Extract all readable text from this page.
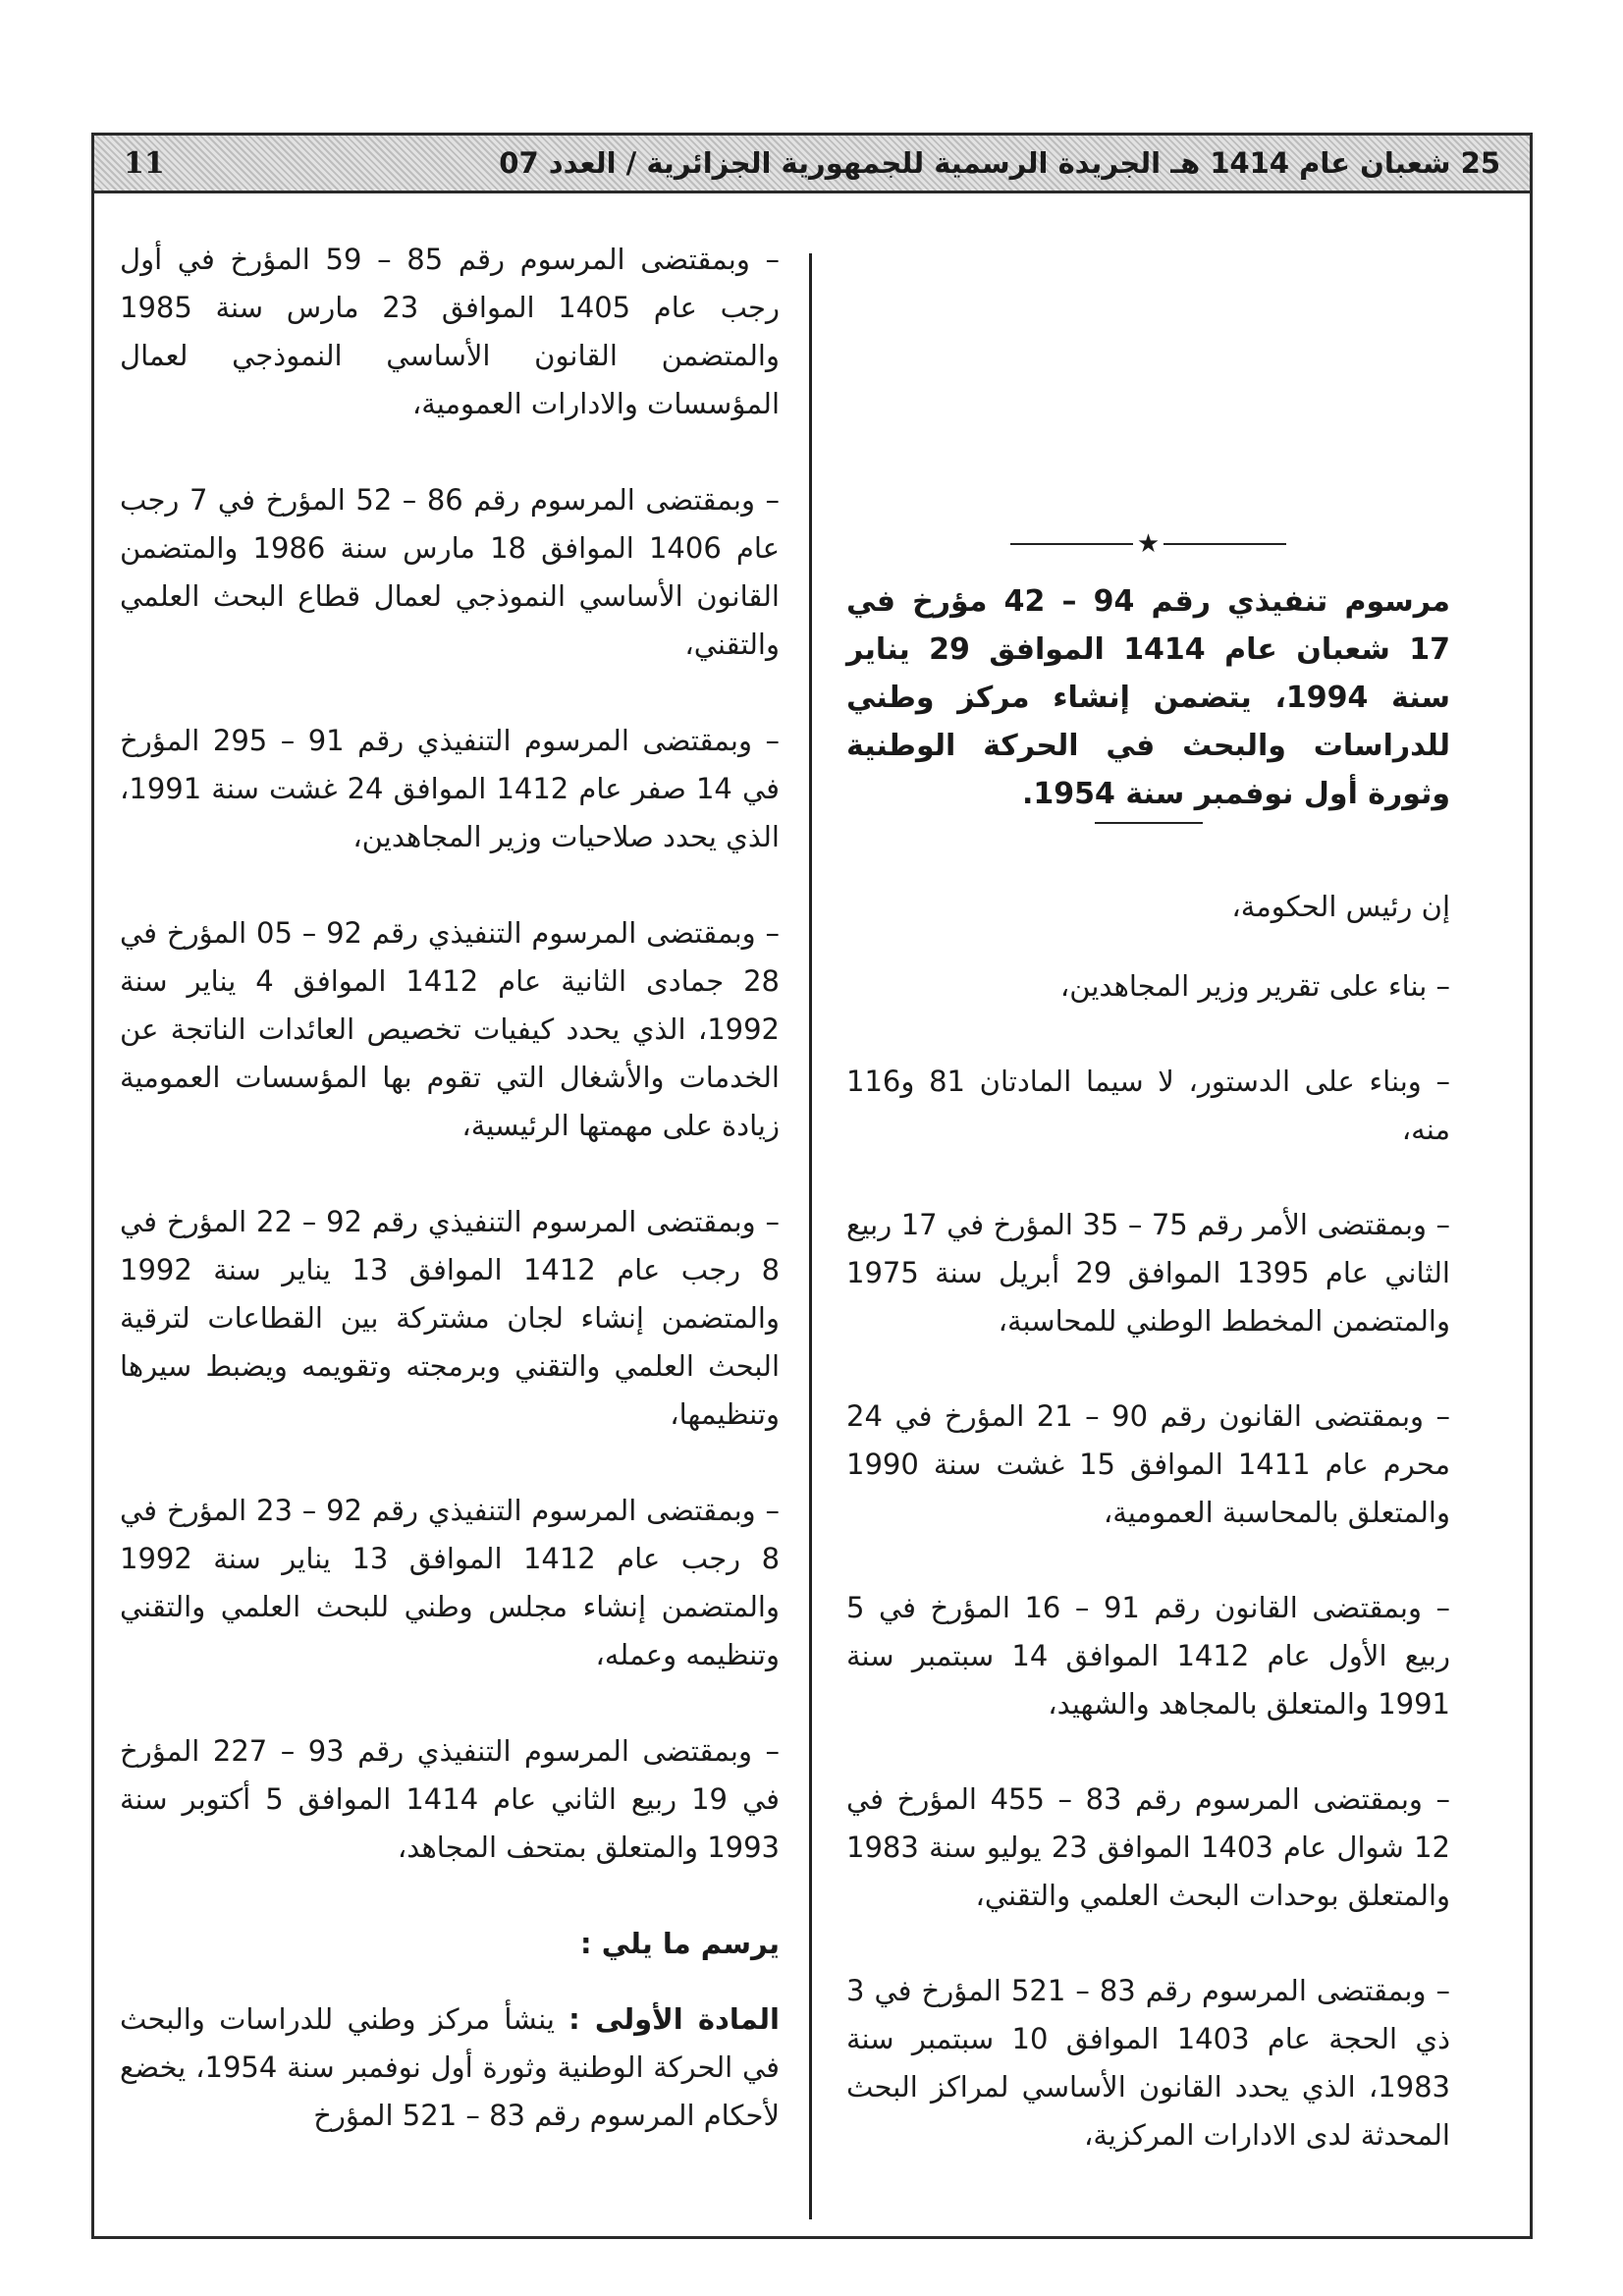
11	25 شعبان عام 1414 هـ الجريدة الرسمية للجمهورية الجزائرية / العدد 07
★

مرسوم تنفيذي رقم 94 – 42 مؤرخ في 17 شعبان عام 1414 الموافق 29 يناير سنة 1994، يتضمن إنشاء مركز وطني للدراسات والبحث في الحركة الوطنية وثورة أول نوفمبر سنة 1954.

إن رئيس الحكومة،

– بناء على تقرير وزير المجاهدين،

– وبناء على الدستور، لا سيما المادتان 81 و116 منه،

– وبمقتضى الأمر رقم 75 – 35 المؤرخ في 17 ربيع الثاني عام 1395 الموافق 29 أبريل سنة 1975 والمتضمن المخطط الوطني للمحاسبة،

– وبمقتضى القانون رقم 90 – 21 المؤرخ في 24 محرم عام 1411 الموافق 15 غشت سنة 1990 والمتعلق بالمحاسبة العمومية،

– وبمقتضى القانون رقم 91 – 16 المؤرخ في 5 ربيع الأول عام 1412 الموافق 14 سبتمبر سنة 1991 والمتعلق بالمجاهد والشهيد،

– وبمقتضى المرسوم رقم 83 – 455 المؤرخ في 12 شوال عام 1403 الموافق 23 يوليو سنة 1983 والمتعلق بوحدات البحث العلمي والتقني،

– وبمقتضى المرسوم رقم 83 – 521 المؤرخ في 3 ذي الحجة عام 1403 الموافق 10 سبتمبر سنة 1983، الذي يحدد القانون الأساسي لمراكز البحث المحدثة لدى الادارات المركزية،

– وبمقتضى المرسوم رقم 85 – 59 المؤرخ في أول رجب عام 1405 الموافق 23 مارس سنة 1985 والمتضمن القانون الأساسي النموذجي لعمال المؤسسات والادارات العمومية،

– وبمقتضى المرسوم رقم 86 – 52 المؤرخ في 7 رجب عام 1406 الموافق 18 مارس سنة 1986 والمتضمن القانون الأساسي النموذجي لعمال قطاع البحث العلمي والتقني،

– وبمقتضى المرسوم التنفيذي رقم 91 – 295 المؤرخ في 14 صفر عام 1412 الموافق 24 غشت سنة 1991، الذي يحدد صلاحيات وزير المجاهدين،

– وبمقتضى المرسوم التنفيذي رقم 92 – 05 المؤرخ في 28 جمادى الثانية عام 1412 الموافق 4 يناير سنة 1992، الذي يحدد كيفيات تخصيص العائدات الناتجة عن الخدمات والأشغال التي تقوم بها المؤسسات العمومية زيادة على مهمتها الرئيسية،

– وبمقتضى المرسوم التنفيذي رقم 92 – 22 المؤرخ في 8 رجب عام 1412 الموافق 13 يناير سنة 1992 والمتضمن إنشاء لجان مشتركة بين القطاعات لترقية البحث العلمي والتقني وبرمجته وتقويمه ويضبط سيرها وتنظيمها،

– وبمقتضى المرسوم التنفيذي رقم 92 – 23 المؤرخ في 8 رجب عام 1412 الموافق 13 يناير سنة 1992 والمتضمن إنشاء مجلس وطني للبحث العلمي والتقني وتنظيمه وعمله،

– وبمقتضى المرسوم التنفيذي رقم 93 – 227 المؤرخ في 19 ربيع الثاني عام 1414 الموافق 5 أكتوبر سنة 1993 والمتعلق بمتحف المجاهد،

يرسم ما يلي :

المادة الأولى : ينشأ مركز وطني للدراسات والبحث في الحركة الوطنية وثورة أول نوفمبر سنة 1954، يخضع لأحكام المرسوم رقم 83 – 521 المؤرخ
